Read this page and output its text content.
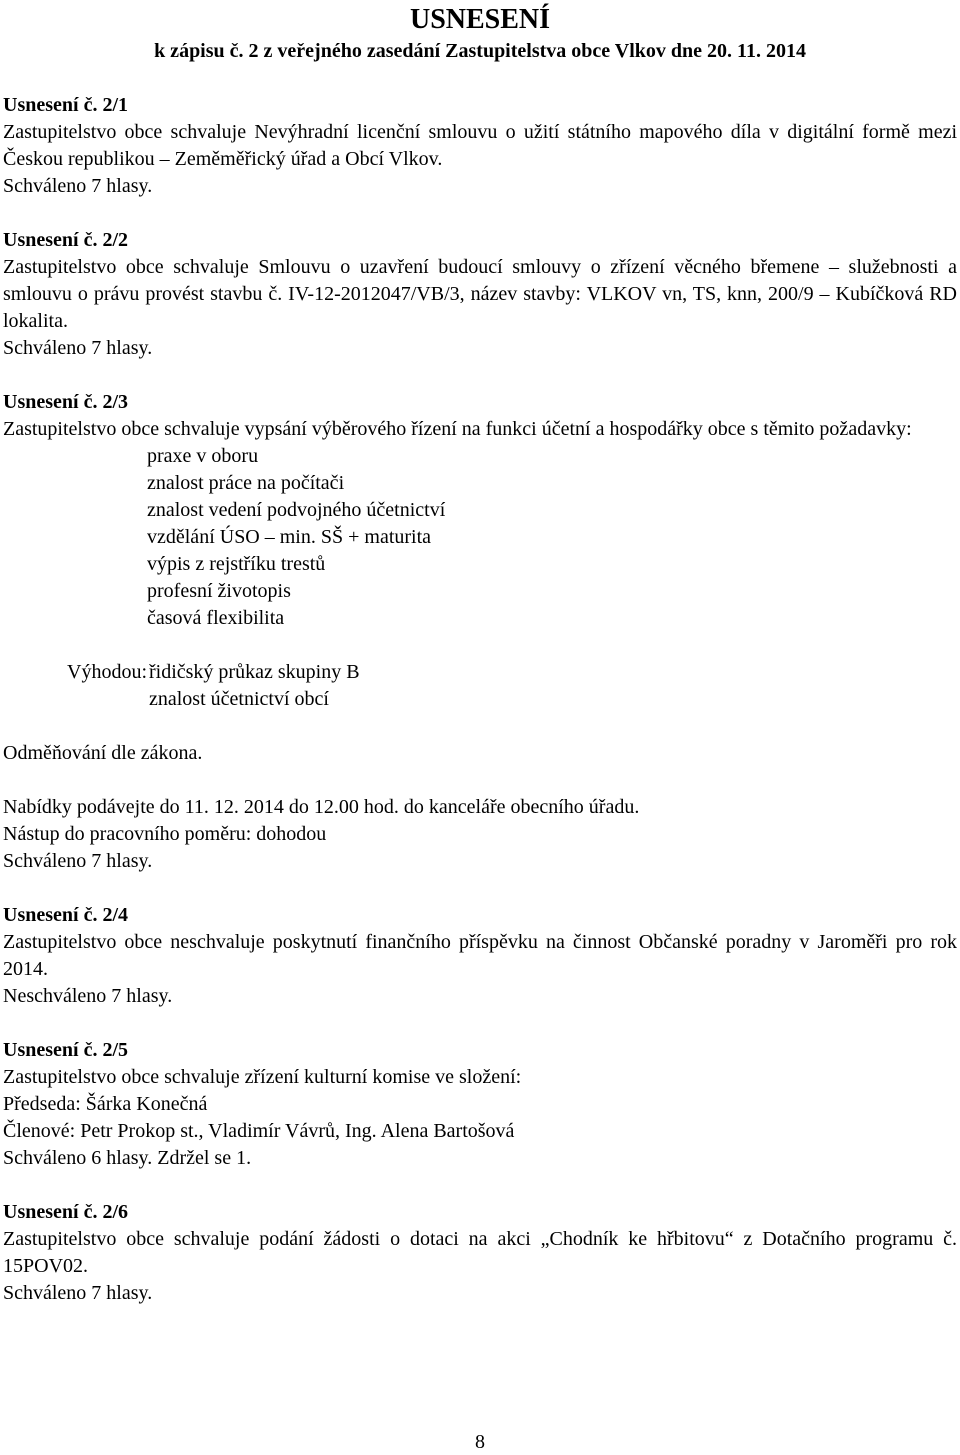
USNESENÍ
k zápisu č. 2 z veřejného zasedání Zastupitelstva obce Vlkov dne 20. 11. 2014

Usnesení č. 2/1

Zastupitelstvo obce schvaluje Nevýhradní licenční smlouvu o užití státního mapového díla v digitální formě mezi Českou republikou – Zeměměřický úřad a Obcí Vlkov.

Schváleno 7 hlasy.

Usnesení č. 2/2

Zastupitelstvo obce schvaluje Smlouvu o uzavření budoucí smlouvy o zřízení věcného břemene – služebnosti a smlouvu o právu provést stavbu č. IV-12-2012047/VB/3, název stavby: VLKOV vn, TS, knn, 200/9 – Kubíčková RD lokalita.

Schváleno 7 hlasy.

Usnesení č. 2/3

Zastupitelstvo obce schvaluje vypsání výběrového řízení na funkci účetní a hospodářky obce s těmito požadavky:

praxe v oboru
znalost práce na počítači
znalost vedení podvojného účetnictví
vzdělání ÚSO – min. SŠ + maturita
výpis z rejstříku trestů
profesní životopis
časová flexibilita
Výhodou: řidičský průkaz skupiny B
znalost účetnictví obcí

Odměňování dle zákona.

Nabídky podávejte do 11. 12. 2014 do 12.00 hod. do kanceláře obecního úřadu.

Nástup do pracovního poměru: dohodou

Schváleno 7 hlasy.

Usnesení č. 2/4

Zastupitelstvo obce neschvaluje poskytnutí finančního příspěvku na činnost Občanské poradny v Jaroměři pro rok 2014.

Neschváleno 7 hlasy.

Usnesení č. 2/5

Zastupitelstvo obce schvaluje zřízení kulturní komise ve složení:

Předseda: Šárka Konečná

Členové: Petr Prokop st., Vladimír Vávrů, Ing. Alena Bartošová

Schváleno 6 hlasy. Zdržel se 1.

Usnesení č. 2/6

Zastupitelstvo obce schvaluje podání žádosti o dotaci na akci „Chodník ke hřbitovu“ z Dotačního programu č. 15POV02.

Schváleno 7 hlasy.

8
